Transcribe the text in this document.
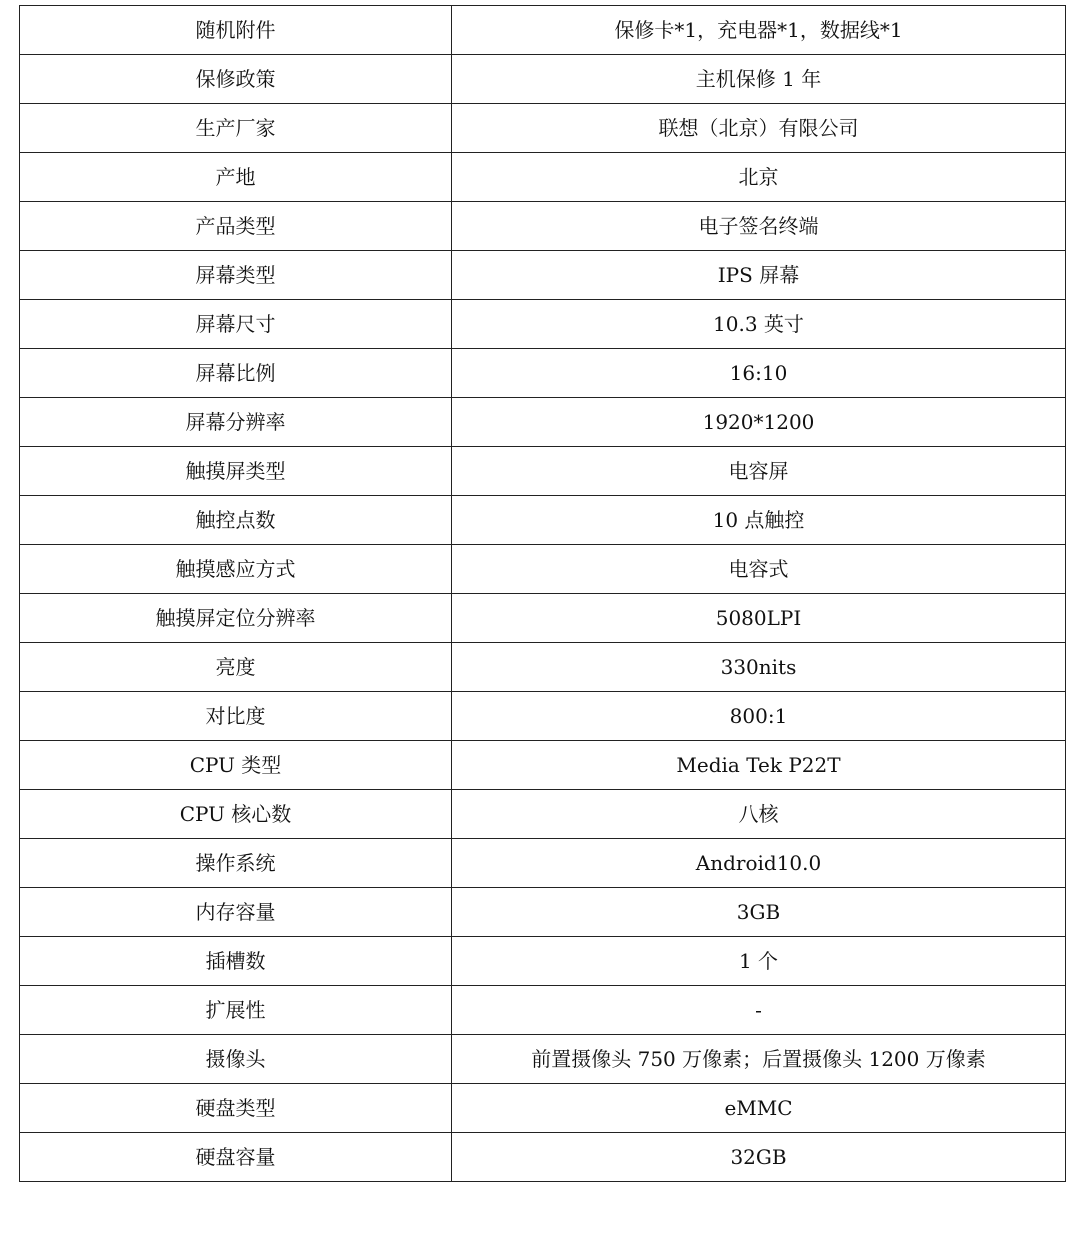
随机附件	保修卡*1，充电器*1，数据线*1
保修政策	主机保修 1 年
生产厂家	联想（北京）有限公司
产地	北京
产品类型	电子签名终端
屏幕类型	IPS 屏幕
屏幕尺寸	10.3 英寸
屏幕比例	16:10
屏幕分辨率	1920*1200
触摸屏类型	电容屏
触控点数	10 点触控
触摸感应方式	电容式
触摸屏定位分辨率	5080LPI
亮度	330nits
对比度	800:1
CPU 类型	Media Tek P22T
CPU 核心数	八核
操作系统	Android10.0
内存容量	3GB
插槽数	1 个
扩展性	-
摄像头	前置摄像头 750 万像素；后置摄像头 1200 万像素
硬盘类型	eMMC
硬盘容量	32GB
